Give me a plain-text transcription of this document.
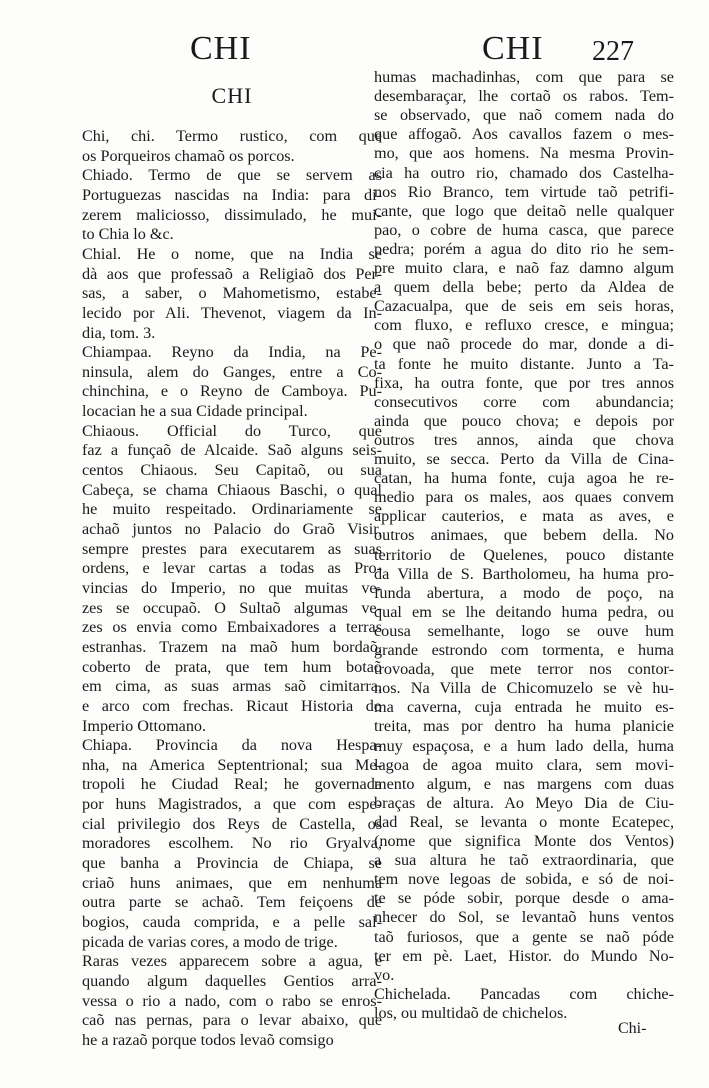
CHI	CHI 227
CHI
Chi, chi. Termo rustico, com que
os Porqueiros chamaõ os porcos.
Chiado. Termo de que se servem as
Portuguezas nascidas na India: para di-
zerem maliciosso, dissimulado, he mui-
to Chia lo &c.
Chial. He o nome, que na India se
dà aos que professaõ a Religiaõ dos Per-
sas, a saber, o Mahometismo, estabe-
lecido por Ali. Thevenot, viagem da In-
dia, tom. 3.
Chiampaa. Reyno da India, na Pe-
ninsula, alem do Ganges, entre a Co-
chinchina, e o Reyno de Camboya. Pu-
locacian he a sua Cidade principal.
Chiaous. Official do Turco, que
faz a funçaõ de Alcaide. Saõ alguns seis-
centos Chiaous. Seu Capitaõ, ou sua
Cabeça, se chama Chiaous Baschi, o qual
he muito respeitado. Ordinariamente se
achaõ juntos no Palacio do Graõ Visir,
sempre prestes para executarem as suas
ordens, e levar cartas a todas as Pro-
vincias do Imperio, no que muitas ve-
zes se occupaõ. O Sultaõ algumas ve-
zes os envia como Embaixadores a terras
estranhas. Trazem na maõ hum bordaõ,
coberto de prata, que tem hum botaõ
em cima, as suas armas saõ cimitarra,
e arco com frechas. Ricaut Historia do
Imperio Ottomano.
Chiapa. Provincia da nova Hespa-
nha, na America Septentrional; sua Me-
tropoli he Ciudad Real; he governada
por huns Magistrados, a que com espe-
cial privilegio dos Reys de Castella, os
moradores escolhem. No rio Gryalva,
que banha a Provincia de Chiapa, se
criaõ huns animaes, que em nenhuma
outra parte se achaõ. Tem feiçoens de
bogios, cauda comprida, e a pelle sal-
picada de varias cores, a modo de trige.
Raras vezes apparecem sobre a agua, e
quando algum daquelles Gentios arra-
vessa o rio a nado, com o rabo se enros-
caõ nas pernas, para o levar abaixo, que
he a razaõ porque todos levaõ comsigo
humas machadinhas, com que para se
desembaraçar, lhe cortaõ os rabos. Tem-
se observado, que naõ comem nada do
que affogaõ. Aos cavallos fazem o mes-
mo, que aos homens. Na mesma Provin-
cia ha outro rio, chamado dos Castelha-
nos Rio Branco, tem virtude taõ petrifi-
cante, que logo que deitaõ nelle qualquer
pao, o cobre de huma casca, que parece
pedra; porém a agua do dito rio he sem-
pre muito clara, e naõ faz damno algum
a quem della bebe; perto da Aldea de
Cazacualpa, que de seis em seis horas,
com fluxo, e refluxo cresce, e mingua;
o que naõ procede do mar, donde a di-
ta fonte he muito distante. Junto a Ta-
fixa, ha outra fonte, que por tres annos
consecutivos corre com abundancia;
ainda que pouco chova; e depois por
outros tres annos, ainda que chova
muito, se secca. Perto da Villa de Cina-
catan, ha huma fonte, cuja agoa he re-
medio para os males, aos quaes convem
applicar cauterios, e mata as aves, e
outros animaes, que bebem della. No
territorio de Quelenes, pouco distante
da Villa de S. Bartholomeu, ha huma pro-
funda abertura, a modo de poço, na
qual em se lhe deitando huma pedra, ou
cousa semelhante, logo se ouve hum
grande estrondo com tormenta, e huma
trovoada, que mete terror nos contor-
nos. Na Villa de Chicomuzelo se vè hu-
ma caverna, cuja entrada he muito es-
treita, mas por dentro ha huma planicie
muy espaçosa, e a hum lado della, huma
lagoa de agoa muito clara, sem movi-
mento algum, e nas margens com duas
braças de altura. Ao Meyo Dia de Ciu-
dad Real, se levanta o monte Ecatepec,
(nome que significa Monte dos Ventos)
a sua altura he taõ extraordinaria, que
tem nove legoas de sobida, e só de noi-
te se póde sobir, porque desde o ama-
nhecer do Sol, se levantaõ huns ventos
taõ furiosos, que a gente se naõ póde
ter em pè. Laet, Histor. do Mundo No-
vo.
Chichelada. Pancadas com chiche-
los, ou multidaõ de chichelos.
Chi-
